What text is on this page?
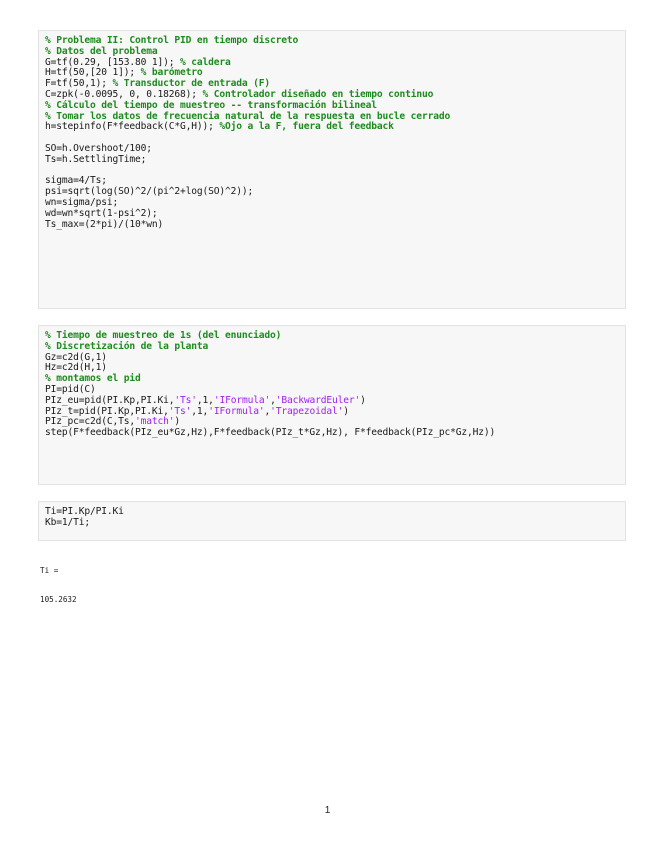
% Problema II: Control PID en tiempo discreto
% Datos del problema
G=tf(0.29, [153.80 1]); % caldera
H=tf(50,[20 1]); % barómetro
F=tf(50,1); % Transductor de entrada (F)
C=zpk(-0.0095, 0, 0.18268); % Controlador diseñado en tiempo continuo
% Cálculo del tiempo de muestreo -- transformación bilineal
% Tomar los datos de frecuencia natural de la respuesta en bucle cerrado
h=stepinfo(F*feedback(C*G,H)); %Ojo a la F, fuera del feedback
SO=h.Overshoot/100;
Ts=h.SettlingTime;
sigma=4/Ts;
psi=sqrt(log(SO)^2/(pi^2+log(SO)^2));
wn=sigma/psi;
wd=wn*sqrt(1-psi^2);
Ts_max=(2*pi)/(10*wn)
% Tiempo de muestreo de 1s (del enunciado)
% Discretización de la planta
Gz=c2d(G,1)
Hz=c2d(H,1)
% montamos el pid
PI=pid(C)
PIz_eu=pid(PI.Kp,PI.Ki,'Ts',1,'IFormula','BackwardEuler')
PIz_t=pid(PI.Kp,PI.Ki,'Ts',1,'IFormula','Trapezoidal')
PIz_pc=c2d(C,Ts,'match')
step(F*feedback(PIz_eu*Gz,Hz),F*feedback(PIz_t*Gz,Hz), F*feedback(PIz_pc*Gz,Hz))
Ti=PI.Kp/PI.Ki
Kb=1/Ti;

Ti =

105.2632

1
